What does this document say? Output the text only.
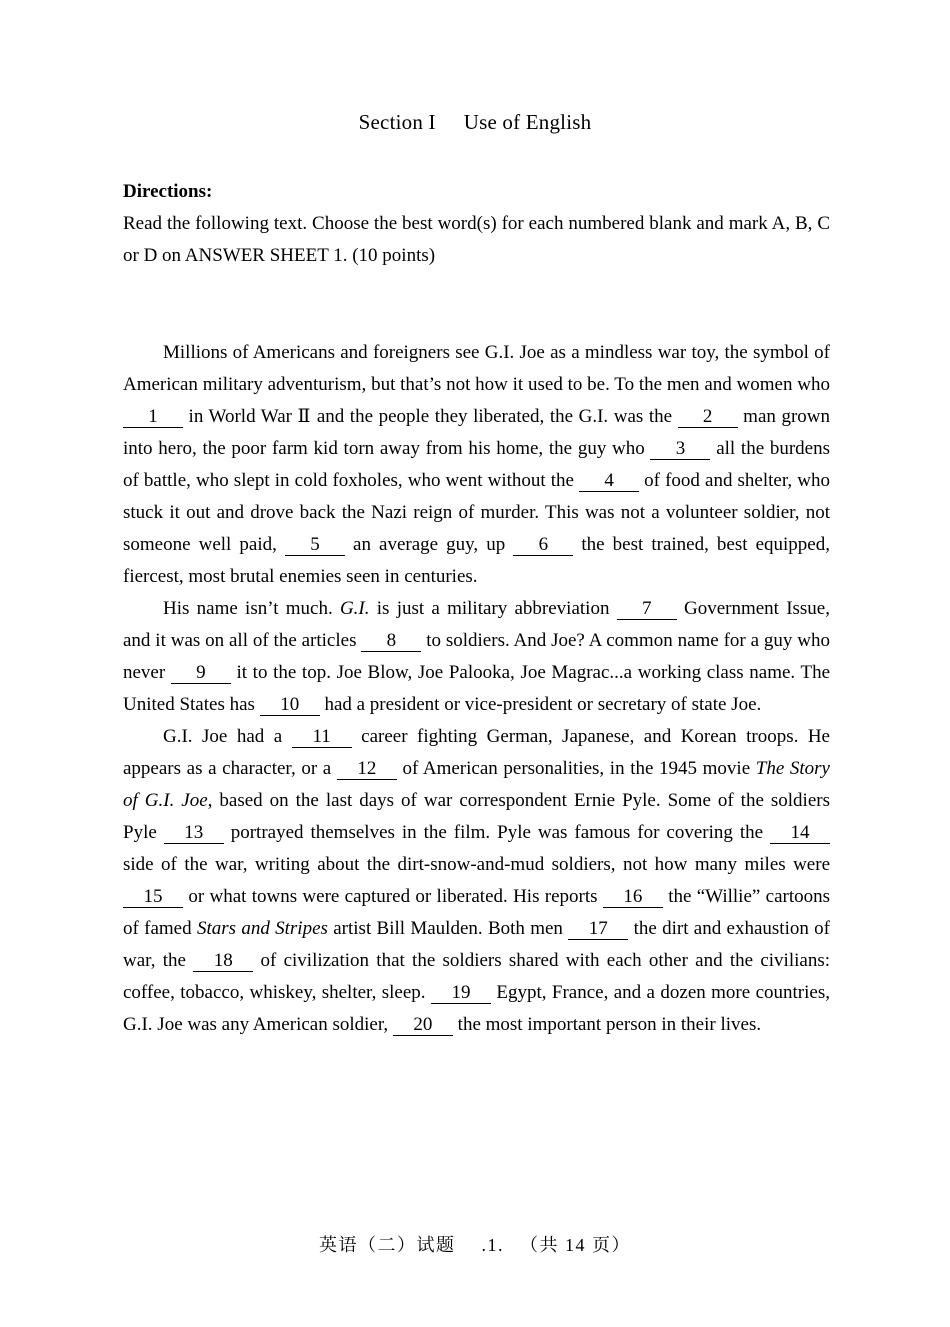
Section I Use of English

Directions:

Read the following text. Choose the best word(s) for each numbered blank and mark A, B, C or D on ANSWER SHEET 1. (10 points)

Millions of Americans and foreigners see G.I. Joe as a mindless war toy, the symbol of American military adventurism, but that’s not how it used to be. To the men and women who 1 in World War Ⅱ and the people they liberated, the G.I. was the 2 man grown into hero, the poor farm kid torn away from his home, the guy who 3 all the burdens of battle, who slept in cold foxholes, who went without the 4 of food and shelter, who stuck it out and drove back the Nazi reign of murder. This was not a volunteer soldier, not someone well paid, 5 an average guy, up 6 the best trained, best equipped, fiercest, most brutal enemies seen in centuries.

His name isn’t much. G.I. is just a military abbreviation 7 Government Issue, and it was on all of the articles 8 to soldiers. And Joe? A common name for a guy who never 9 it to the top. Joe Blow, Joe Palooka, Joe Magrac...a working class name. The United States has 10 had a president or vice-president or secretary of state Joe.

G.I. Joe had a 11 career fighting German, Japanese, and Korean troops. He appears as a character, or a 12 of American personalities, in the 1945 movie The Story of G.I. Joe, based on the last days of war correspondent Ernie Pyle. Some of the soldiers Pyle 13 portrayed themselves in the film. Pyle was famous for covering the 14 side of the war, writing about the dirt-snow-and-mud soldiers, not how many miles were 15 or what towns were captured or liberated. His reports 16 the “Willie” cartoons of famed Stars and Stripes artist Bill Maulden. Both men 17 the dirt and exhaustion of war, the 18 of civilization that the soldiers shared with each other and the civilians: coffee, tobacco, whiskey, shelter, sleep. 19 Egypt, France, and a dozen more countries, G.I. Joe was any American soldier, 20 the most important person in their lives.

英语（二）试题 .1. （共 14 页）
